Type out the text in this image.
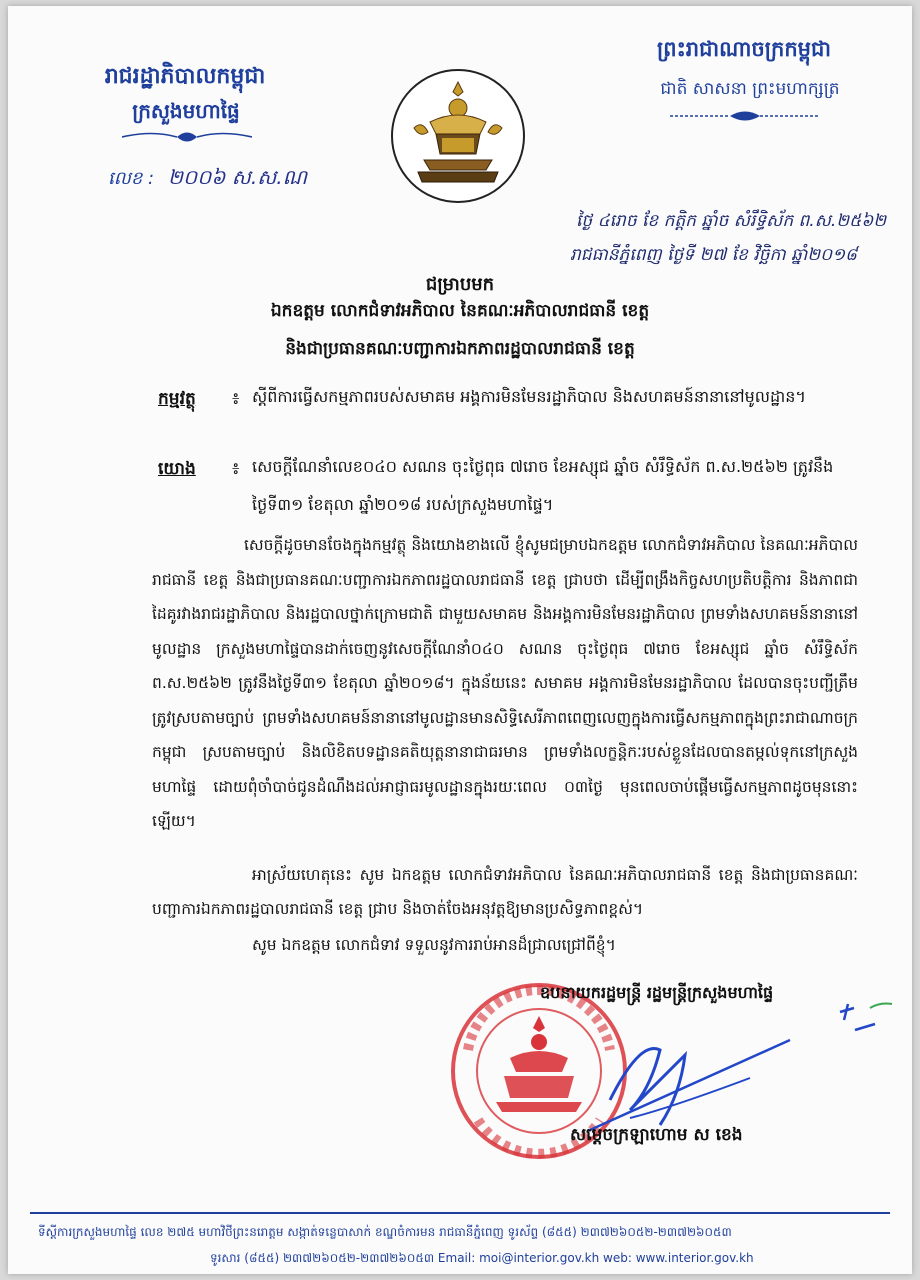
រាជរដ្ឋាភិបាលកម្ពុជា
ក្រសួងមហាផ្ទៃ
លេខ : ២០០៦ ស.ស.ណ
ព្រះរាជាណាចក្រកម្ពុជា
ជាតិ សាសនា ព្រះមហាក្សត្រ
ថ្ងៃ ៤រោច ខែ កត្តិក ឆ្នាំច សំរឹទ្ធិស័ក ព.ស.២៥៦២
រាជធានីភ្នំពេញ ថ្ងៃទី ២៧ ខែ វិច្ឆិកា ឆ្នាំ២០១៨
ជម្រាបមក
ឯកឧត្តម លោកជំទាវអភិបាល នៃគណៈអភិបាលរាជធានី ខេត្ត
និងជាប្រធានគណៈបញ្ជាការឯកភាពរដ្ឋបាលរាជធានី ខេត្ត
កម្មវត្ថុ ៖ ស្តីពីការធ្វើសកម្មភាពរបស់សមាគម អង្គការមិនមែនរដ្ឋាភិបាល និងសហគមន៍នានានៅមូលដ្ឋាន។
យោង ៖ សេចក្តីណែនាំលេខ០៤០ សណន ចុះថ្ងៃពុធ ៧រោច ខែអស្សុជ ឆ្នាំច សំរឹទ្ធិស័ក ព.ស.២៥៦២ ត្រូវនឹងថ្ងៃទី៣១ ខែតុលា ឆ្នាំ២០១៨ របស់ក្រសួងមហាផ្ទៃ។
សេចក្តីដូចមានចែងក្នុងកម្មវត្ថុ និងយោងខាងលើ ខ្ញុំសូមជម្រាបឯកឧត្តម លោកជំទាវអភិបាល នៃគណៈអភិបាលរាជធានី ខេត្ត និងជាប្រធានគណៈបញ្ជាការឯកភាពរដ្ឋបាលរាជធានី ខេត្ត ជ្រាបថា ដើម្បីពង្រឹងកិច្ចសហប្រតិបត្តិការ និងភាពជាដៃគូរវាងរាជរដ្ឋាភិបាល និងរដ្ឋបាលថ្នាក់ក្រោមជាតិ ជាមួយសមាគម និងអង្គការមិនមែនរដ្ឋាភិបាល ព្រមទាំងសហគមន៍នានានៅមូលដ្ឋាន ក្រសួងមហាផ្ទៃបានដាក់ចេញនូវសេចក្តីណែនាំ០៤០ សណន ចុះថ្ងៃពុធ ៧រោច ខែអស្សុជ ឆ្នាំច សំរឹទ្ធិស័ក ព.ស.២៥៦២ ត្រូវនឹងថ្ងៃទី៣១ ខែតុលា ឆ្នាំ២០១៨។ ក្នុងន័យនេះ សមាគម អង្គការមិនមែនរដ្ឋាភិបាល ដែលបានចុះបញ្ជីត្រឹមត្រូវស្របតាមច្បាប់ ព្រមទាំងសហគមន៍នានានៅមូលដ្ឋានមានសិទ្ធិសេរីភាពពេញលេញក្នុងការធ្វើសកម្មភាពក្នុងព្រះរាជាណាចក្រកម្ពុជា ស្របតាមច្បាប់ និងលិខិតបទដ្ឋានគតិយុត្តនានាជាធរមាន ព្រមទាំងលក្ខន្តិកៈរបស់ខ្លួនដែលបានតម្កល់ទុកនៅក្រសួងមហាផ្ទៃ ដោយពុំចាំបាច់ជូនដំណឹងដល់អាជ្ញាធរមូលដ្ឋានក្នុងរយៈពេល ០៣ថ្ងៃ មុនពេលចាប់ផ្តើមធ្វើសកម្មភាពដូចមុននោះឡើយ។
អាស្រ័យហេតុនេះ សូម ឯកឧត្តម លោកជំទាវអភិបាល នៃគណៈអភិបាលរាជធានី ខេត្ត និងជាប្រធានគណៈបញ្ជាការឯកភាពរដ្ឋបាលរាជធានី ខេត្ត ជ្រាប និងចាត់ចែងអនុវត្តឱ្យមានប្រសិទ្ធភាពខ្ពស់។
សូម ឯកឧត្តម លោកជំទាវ ទទួលនូវការរាប់អានដ៏ជ្រាលជ្រៅពីខ្ញុំ។
ឧបនាយករដ្ឋមន្ត្រី រដ្ឋមន្ត្រីក្រសួងមហាផ្ទៃ
សម្តេចក្រឡាហោម ស ខេង
ទីស្តីការក្រសួងមហាផ្ទៃ លេខ ២៧៥ មហាវិថីព្រះនរោត្តម សង្កាត់ទន្លេបាសាក់ ខណ្ឌចំការមន រាជធានីភ្នំពេញ ទូរស័ព្ទ (៨៥៥) ២៣៧២៦០៥២-២៣៧២៦០៥៣
ទូរសារ (៨៥៥) ២៣៧២៦០៥២-២៣៧២៦០៥៣ Email: moi@interior.gov.kh web: www.interior.gov.kh
